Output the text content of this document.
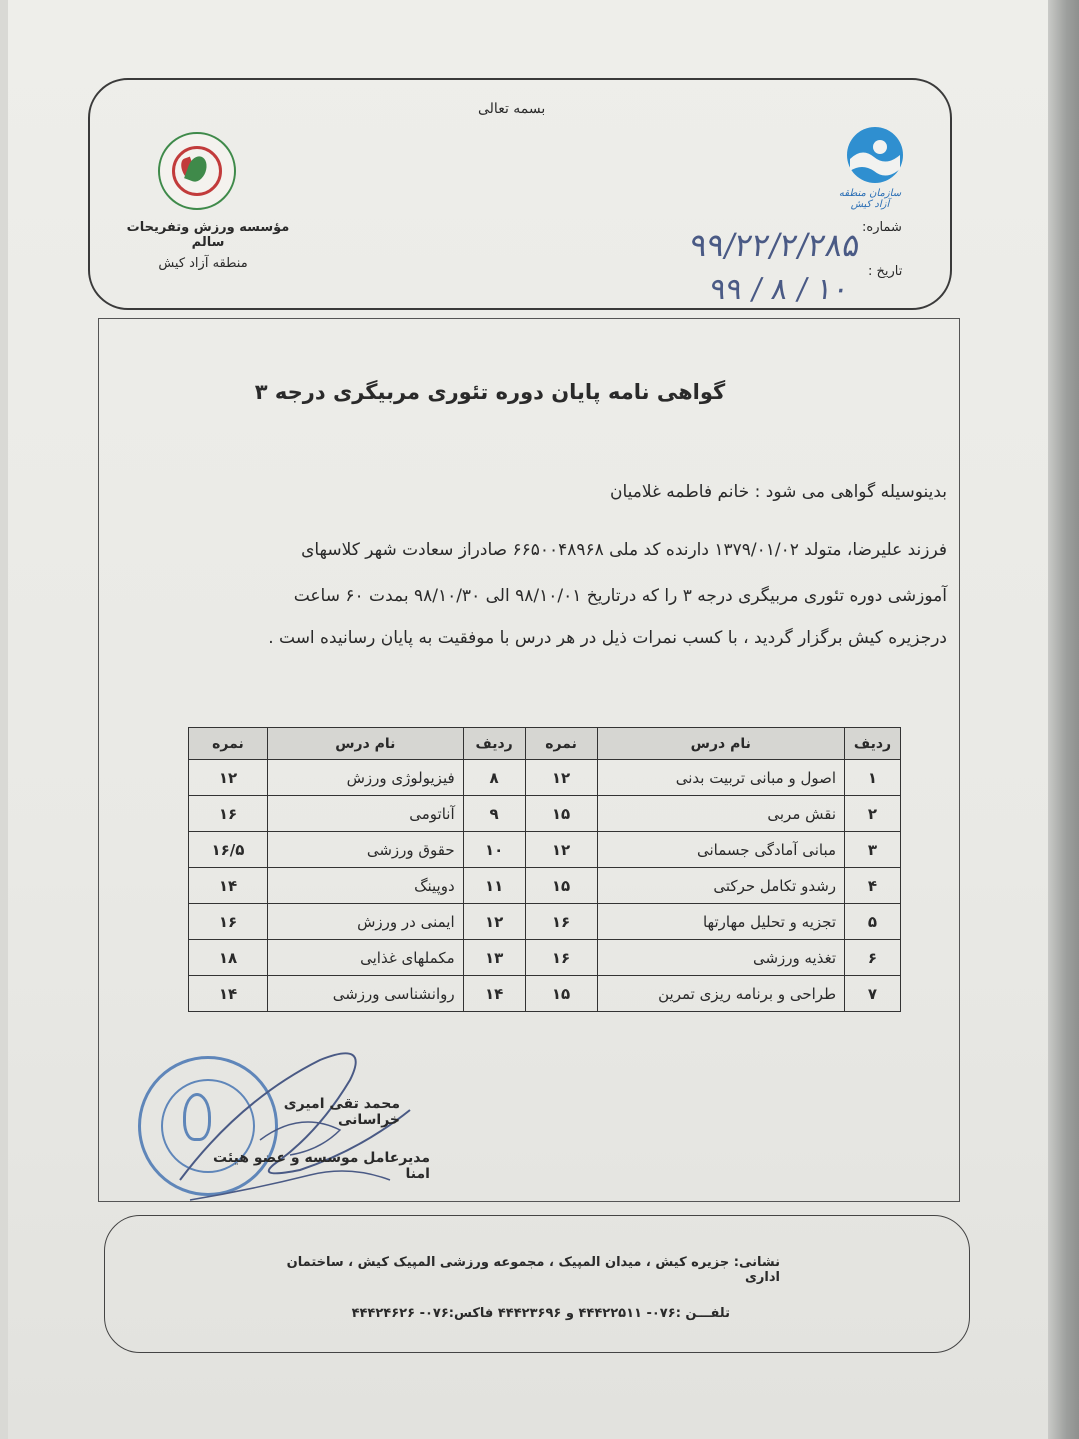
بسمه تعالی
مؤسسه ورزش وتفریحات سالم
منطقه آزاد کیش
سازمان منطقه آزاد کیش
شماره:
۹۹/۲۲/۲/۲۸۵
تاریخ :
۹۹ / ۸ / ۱۰
گواهی نامه پایان دوره تئوری مربیگری درجه ۳
بدینوسیله گواهی می شود : خانم فاطمه غلامیان
فرزند علیرضا، متولد ۱۳۷۹/۰۱/۰۲ دارنده کد ملی ۶۶۵۰۰۴۸۹۶۸ صادراز سعادت شهر کلاسهای
آموزشی دوره تئوری مربیگری درجه ۳ را که درتاریخ ۹۸/۱۰/۰۱ الی ۹۸/۱۰/۳۰ بمدت ۶۰ ساعت
درجزیره کیش برگزار گردید ، با کسب نمرات ذیل در هر درس با موفقیت به پایان رسانیده است .
ردیف	نام درس	نمره	ردیف	نام درس	نمره
۱	اصول و مبانی تربیت بدنی	۱۲	۸	فیزیولوژی ورزش	۱۲
۲	نقش مربی	۱۵	۹	آناتومی	۱۶
۳	مبانی آمادگی جسمانی	۱۲	۱۰	حقوق ورزشی	۱۶/۵
۴	رشدو تکامل حرکتی	۱۵	۱۱	دوپینگ	۱۴
۵	تجزیه و تحلیل مهارتها	۱۶	۱۲	ایمنی در ورزش	۱۶
۶	تغذیه ورزشی	۱۶	۱۳	مکملهای غذایی	۱۸
۷	طراحی و برنامه ریزی تمرین	۱۵	۱۴	روانشناسی ورزشی	۱۴
محمد تقی امیری خراسانی
مدیرعامل موسسه و عضو هیئت امنا
نشانی: جزیره کیش ، میدان المپیک ، مجموعه ورزشی المپیک کیش ، ساختمان اداری
تلفـــن :۰۷۶- ۴۴۴۲۲۵۱۱ و ۴۴۴۲۳۶۹۶ فاکس:۰۷۶- ۴۴۴۲۴۶۲۶
